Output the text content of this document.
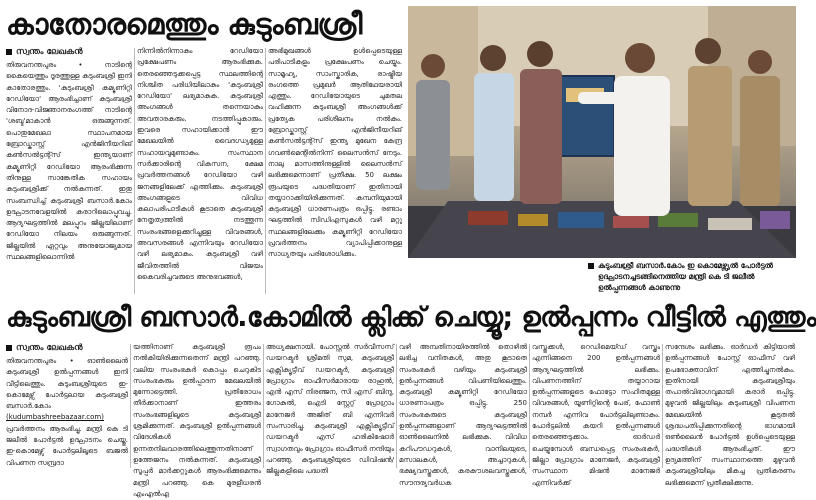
കാതോരമെത്തും കുടുംബശ്രീ
സ്വന്തം ലേഖകൻ

തിരുവനന്തപുരം • നാടിന്റെ കൈയെത്തും ദൂരത്തുള്ള കുടുംബശ്രീ ഇനി കാതോരത്തും. 'കുടുംബശ്രീ കമ്യൂണിറ്റി റേഡിയോ' ആരംഭിച്ചാണ് കുടുംബശ്രീ വിനോദ-വിജ്ഞാനരംഗത്ത് നാടിന്റെ 'ശബ്ദ'മാകാൻ ഒരുങ്ങുന്നത്. പൊതുമേഖലാ സ്ഥാപനമായ ബ്രോഡ്കാസ്റ്റ് എൻജിനീയറിങ് കൺസൽട്ടന്റ്സ് ഇന്ത്യയാണ് കമ്യൂണിറ്റി റേഡിയോ ആരംഭിക്കുന്ന തിനുള്ള സാങ്കേതിക സഹായം കുടുംബശ്രീക്ക് നൽകുന്നത്. ഇതു സംബന്ധിച്ച് കുടുംബശ്രീ ബസാർ.കോം ഉദ്ഘാടനവേളയിൽ കരാറിലൊപ്പുവച്ചു. ആദ്യഘട്ടത്തിൽ മലപ്പുറം ജില്ലയിലാണ് റേഡിയോ നിലയം ഒരുങ്ങുന്നത്. ജില്ലയിൽ ഏറ്റവും അനുയോജ്യമായ സ്ഥലങ്ങളിലൊന്നിൽ

നിന്നിൽനിന്നാകും റേഡിയോ പ്രക്ഷേപണം ആരംഭിക്കുക. തെരഞ്ഞെടുക്കപ്പെട്ട സ്ഥലത്തിന്റെ നിശ്ചിത പരിധിയിലാകും 'കുടുംബശ്രീ റേഡിയോ' ലഭ്യമാകുക. കുടുംബശ്രീ അംഗങ്ങൾ തന്നെയാകും അവതാരകരും. നടത്തിപ്പുകാരും. ഇവരെ സഹായിക്കാൻ ഈ മേഖലയിൽ വൈദഗ്ധ്യമുള്ള സഹായവുമുണ്ടാകും. സംസ്ഥാന സർക്കാരിന്റെ വികസന, ക്ഷേമ പ്രവർത്തനങ്ങൾ റേഡിയോ വഴി ജനങ്ങളിലേക്ക് എത്തിക്കും. കുടുംബശ്രീ അംഗങ്ങളുടെ വിവിധ കലാപരിപാടികൾ കൂടാതെ കുടുംബശ്രീ നേതൃത്വത്തിൽ നടത്തുന്ന സംരംഭങ്ങളെക്കുറിച്ചുള്ള വിവരങ്ങൾ, അവസരങ്ങൾ എന്നിവയും റേഡിയോ വഴി ലഭ്യമാകും. കുടുംബശ്രീ വഴി ജീവിതത്തിൽ വിജയം കൈവരിച്ചവരുടെ അനുഭവങ്ങൾ,

അഭിമുഖങ്ങൾ ഉൾപ്പെടെയുള്ള പരിപാടികളും പ്രക്ഷേപണം ചെയ്യും. സാമൂഹ്യ, സാംസ്കാരിക, രാഷ്ട്രീയ രംഗത്തെ പ്രമുഖർ ആതിഥേയരായി എത്തും. റേഡിയോയുടെ ചുമതല വഹിക്കുന്ന കുടുംബശ്രീ അംഗങ്ങൾക്ക് പ്രത്യേക പരിശീലനം നൽകും. ബ്രോഡ്കാസ്റ്റ് എൻജിനീയറിങ് കൺസൽട്ടന്റ്സ് ഇന്ത്യ മുഖേന കേന്ദ്ര ഗവൺമെന്റിൽനിന്ന് ലൈസൻസ് നേടും. നാലു മാസത്തിനുള്ളിൽ ലൈസൻസ് ലഭിക്കുമെന്നാണ് പ്രതീക്ഷ. 50 ലക്ഷം രൂപയുടെ പദ്ധതിയാണ് ഇതിനായി തയ്യാറാക്കിയിരിക്കുന്നത്. കമ്പനിയുമായി കുടുംബശ്രീ ധാരണപത്രം ഒപ്പിട്ടു. രണ്ടാം ഘട്ടത്തിൽ സിഡിഎസുകൾ വഴി മറ്റു സ്ഥലങ്ങളിലേക്കും കമ്യൂണിറ്റി റേഡിയോ പ്രവർത്തനം വ്യാപിപ്പിക്കാനുള്ള സാധ്യതയും പരിശോധിക്കും.

കുടുംബശ്രീ ബസാർ.കോം ഇ കൊമേഴ്സ്യൽ പോർട്ടൽ ഉദ്ഘാടനച്ചടങ്ങിനെത്തിയ മന്ത്രി കെ ടി ജലീൽ ഉൽപ്പന്നങ്ങൾ കാണുന്നു
കുടുംബശ്രീ ബസാർ.കോമിൽ ക്ലിക്ക് ചെയ്യൂ; ഉൽപ്പന്നം വീട്ടിൽ എത്തും
സ്വന്തം ലേഖകൻ

തിരുവനന്തപുരം • ഓൺലൈൻ കുടുംബശ്രീ ഉൽപ്പന്നങ്ങൾ ഇനി വീട്ടിലെത്തും. കുടുംബശ്രീയുടെ ഇ-കൊമേഴ്സ് പോർട്ടലായ കുടുംബശ്രീ ബസാർ.കോം (kudumbashreebazaar.com) പ്രവർത്തനം ആരംഭിച്ചു. മന്ത്രി കെ ടി ജലീൽ പോർട്ടൽ ഉദ്ഘാടനം ചെയ്തു. ഇ-കൊമേഴ്സ് പോർട്ടലിലൂടെ ബജൽ വിപണന സമ്പ്രദാ

യത്തിനാണ് കുടുംബശ്രീ രൂപം നൽകിയിരിക്കുന്നതെന്ന് മന്ത്രി പറഞ്ഞു. വലിയ സംരംഭകർ കൊപ്പം ചെറുകിട സംരംഭകരും ഉൽപ്പാദന മേഖലയിൽ മുന്നോട്ടെത്തി. പ്രതിരോധം തീർക്കാനാണ് ഇത്തരം സംരംഭങ്ങളിലൂടെ കുടുംബശ്രീ ശ്രമിക്കുന്നത്. കുടുംബശ്രീ ഉൽപ്പന്നങ്ങൾ വിദേശികൾ ഉന്നതനിലവാരത്തിലെത്തുന്നതിനാണ് ഉത്തേജനം നൽകുന്നത്. കുടുംബശ്രീ സൂപ്പർ മാർക്കറ്റുകൾ ആരംഭിക്കുമെന്നും മന്ത്രി പറഞ്ഞു. കെ മുരളീധരൻ എംഎൽഎ

അധ്യക്ഷനായി. പോസ്റ്റൽ സർവീസസ് ഡയറക്ടർ ശ്രീമതി സുമ, കുടുംബശ്രീ എക്സിക്യൂട്ടീവ് ഡയറക്ടർ, കുടുംബശ്രീ പ്രോഗ്രാം ഓഫീസർമാരായ രാഹുൽ, എൻ എസ് നിരഞ്ജന, സി എസ് ബിന്ദു, ഗോകുൽ, ഐടി സ്റ്റേറ്റ് പ്രോഗ്രാം മാനേജർ അജിത് ബി എന്നിവർ സംസാരിച്ചു. കുടുംബശ്രീ എക്സിക്യൂട്ടീവ് ഡയറക്ടർ എസ് ഹരികിഷോർ സ്വാഗതവും പ്രോഗ്രാം ഓഫീസർ നന്ദിയും പറഞ്ഞു. കുടുംബശ്രീയുടെ ഡിവിഷൻ/ജില്ലകളിലെ പദ്ധതി

വഴി അമ്പതിനായിരത്തിൽ തൊഴിൽ ലഭിച്ച വനിതകൾ, അതു കൂടാതെ സംരംഭകർ വഴിയും കുടുംബശ്രീ ഉൽപ്പന്നങ്ങൾ വിപണിയിലെത്തും. കുടുംബശ്രീ കമ്യൂണിറ്റി റേഡിയോ ധാരണാപത്രം ഒപ്പിട്ടു. 250 സംരംഭകരുടെ കുടുംബശ്രീ ഉൽപ്പന്നങ്ങളാണ് ആദ്യഘട്ടത്തിൽ ഓൺലൈനിൽ ലഭിക്കുക. വിവിധ കറിപൗഡറുകൾ, വാനിലയുടെ, മസാലകൾ, അച്ചാറുകൾ, ഭക്ഷ്യവസ്തുക്കൾ, കരകൗശലവസ്തുക്കൾ, സൗന്ദര്യവർധക

വസ്തുക്കൾ, റെഡിമെയ്ഡ് വസ്ത്രം എന്നിങ്ങനെ 200 ഉൽപ്പന്നങ്ങൾ ആദ്യഘട്ടത്തിൽ ലഭിക്കും. വിപണനത്തിന് തയ്യാറായ ഉൽപ്പന്നങ്ങളുടെ ഫോട്ടോ സഹിതമുള്ള വിവരങ്ങൾ, യൂണിറ്റിന്റെ പേര്, ഫോൺ നമ്പർ എന്നിവ പോർട്ടലിലുണ്ടാകും. പോർട്ടലിൽ കയറി ഉൽപ്പന്നങ്ങൾ തെരഞ്ഞെടുക്കാം. ഓർഡർ ചെയ്യുമ്പോൾ ബന്ധപ്പെട്ട സംരംഭകർ, ജില്ലാ പ്രോഗ്രാം മാനേജർ, കുടുംബശ്രീ സംസ്ഥാന മിഷൻ മാനേജർ എന്നിവർക്ക്

സന്ദേശം ലഭിക്കും. ഓർഡർ കിട്ടിയാൽ ഉൽപ്പന്നങ്ങൾ പോസ്റ്റ് ഓഫീസ് വഴി ഉപഭോക്താവിന് എത്തിച്ചുനൽകും. ഇതിനായി കുടുംബശ്രീയും തപാൽവിഭാഗവുമായി കരാർ ഒപ്പിട്ടു. മുഴുവൻ ജില്ലയിലും കുടുംബശ്രീ വിപണന മേഖലയിൽ കൂടുതൽ ശ്രദ്ധപതിപ്പിക്കുന്നതിന്റെ ഭാഗമായി ഒൺലൈൻ പോർട്ടൽ ഉൾപ്പെടെയുള്ള പദ്ധതികൾ ആരംഭിച്ചത്. ഈ ഉദ്യമത്തിന് സംസ്ഥാനത്തെ മുഴുവൻ കുടുംബശ്രീയിലും മികച്ച പ്രതികരണം ലഭിക്കുമെന്ന് പ്രതീക്ഷിക്കുന്നു.
